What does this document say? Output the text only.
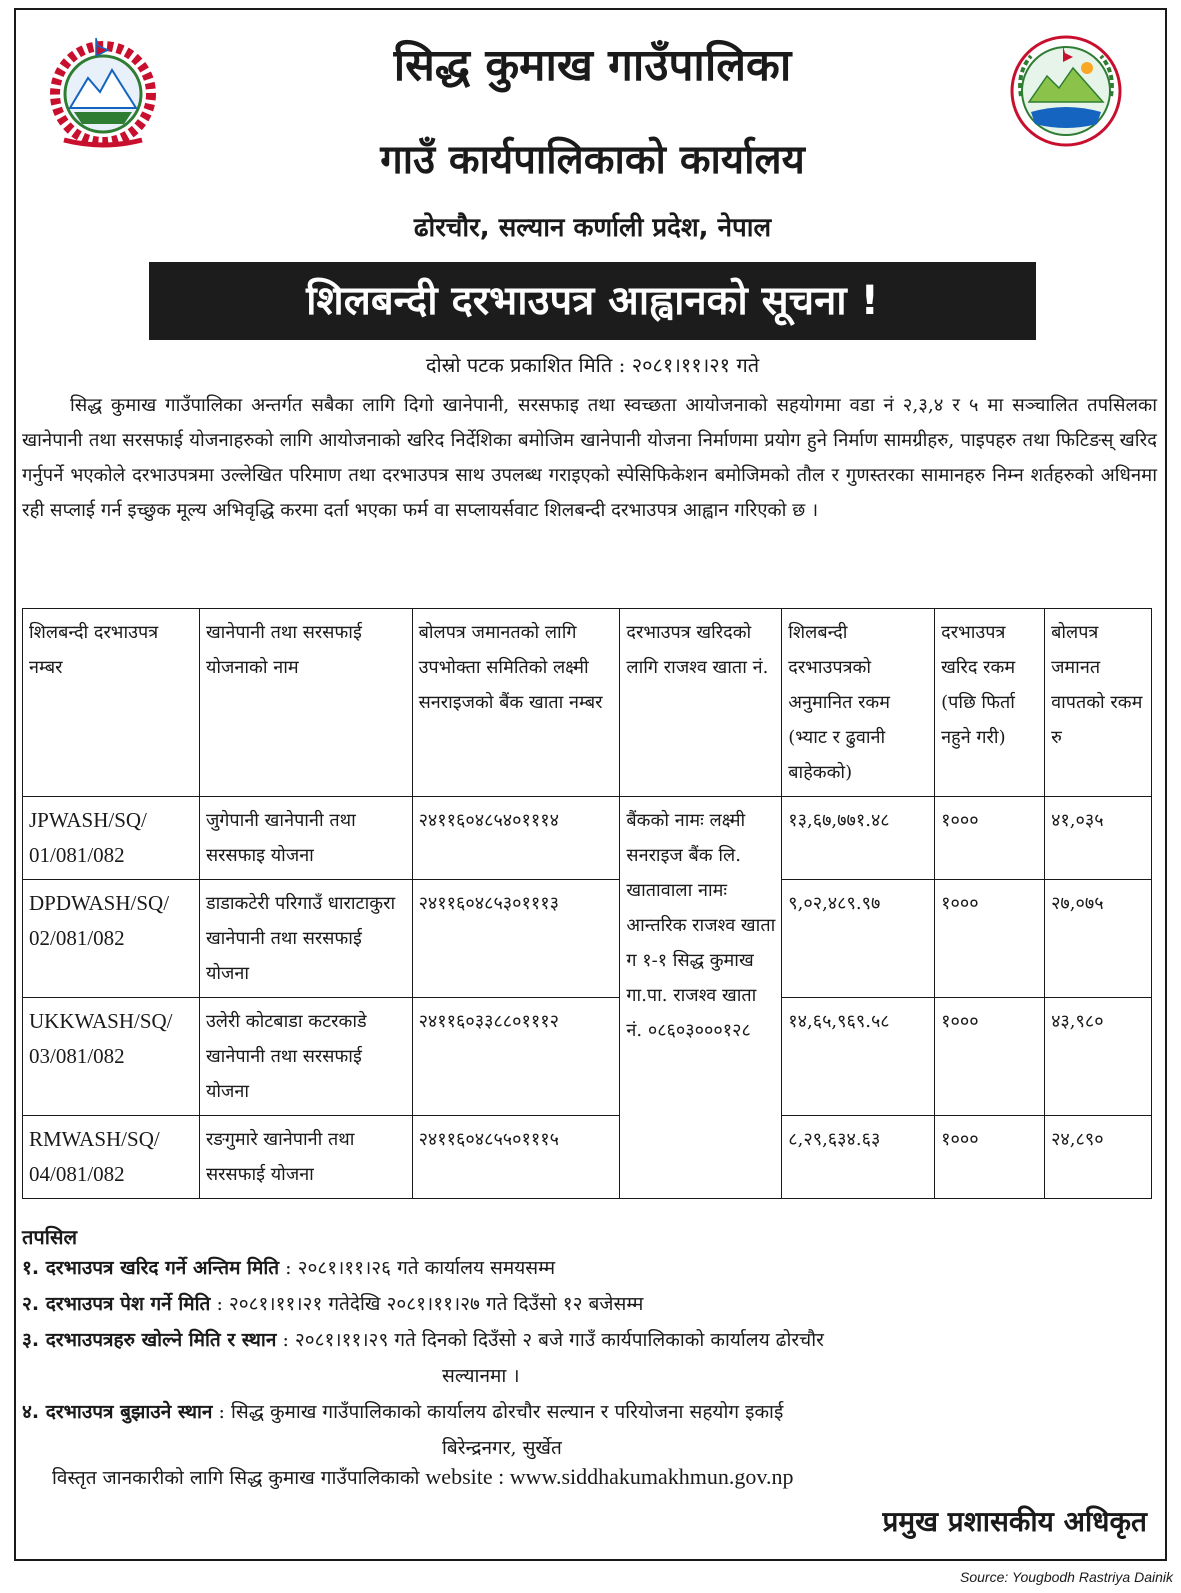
सिद्ध कुमाख गाउँपालिका
गाउँ कार्यपालिकाको कार्यालय
ढोरचौर, सल्यान कर्णाली प्रदेश, नेपाल
शिलबन्दी दरभाउपत्र आह्वानको सूचना !
दोस्रो पटक प्रकाशित मिति : २०८१।११।२१ गते

सिद्ध कुमाख गाउँपालिका अन्तर्गत सबैका लागि दिगो खानेपानी, सरसफाइ तथा स्वच्छता आयोजनाको सहयोगमा वडा नं २,३,४ र ५ मा सञ्चालित तपसिलका खानेपानी तथा सरसफाई योजनाहरुको लागि आयोजनाको खरिद निर्देशिका बमोजिम खानेपानी योजना निर्माणमा प्रयोग हुने निर्माण सामग्रीहरु, पाइपहरु तथा फिटिङस् खरिद गर्नुपर्ने भएकोले दरभाउपत्रमा उल्लेखित परिमाण तथा दरभाउपत्र साथ उपलब्ध गराइएको स्पेसिफिकेशन बमोजिमको तौल र गुणस्तरका सामानहरु निम्न शर्तहरुको अधिनमा रही सप्लाई गर्न इच्छुक मूल्य अभिवृद्धि करमा दर्ता भएका फर्म वा सप्लायर्सवाट शिलबन्दी दरभाउपत्र आह्वान गरिएको छ ।

शिलबन्दी दरभाउपत्र नम्बर	खानेपानी तथा सरसफाई योजनाको नाम	बोलपत्र जमानतको लागि उपभोक्ता समितिको लक्ष्मी सनराइजको बैंक खाता नम्बर	दरभाउपत्र खरिदको लागि राजश्व खाता नं.	शिलबन्दी दरभाउपत्रको अनुमानित रकम (भ्याट र ढुवानी बाहेकको)	दरभाउपत्र खरिद रकम (पछि फिर्ता नहुने गरी)	बोलपत्र जमानत वापतको रकम रु
JPWASH/SQ/ 01/081/082	जुगेपानी खानेपानी तथा सरसफाइ योजना	२४११६०४८५४०१११४	बैंकको नामः लक्ष्मी सनराइज बैंक लि. खातावाला नामः आन्तरिक राजश्व खाता ग १-१ सिद्ध कुमाख गा.पा. राजश्व खाता नं. ०८६०३०००१२८	१३,६७,७७१.४८	१०००	४१,०३५
DPDWASH/SQ/ 02/081/082	डाडाकटेरी परिगाउँ धाराटाकुरा खानेपानी तथा सरसफाई योजना	२४११६०४८५३०१११३		९,०२,४८९.९७	१०००	२७,०७५
UKKWASH/SQ/ 03/081/082	उलेरी कोटबाडा कटरकाडे खानेपानी तथा सरसफाई योजना	२४११६०३३८८०१११२		१४,६५,९६९.५८	१०००	४३,९८०
RMWASH/SQ/ 04/081/082	रङगुमारे खानेपानी तथा सरसफाई योजना	२४११६०४८५५०१११५		८,२९,६३४.६३	१०००	२४,८९०
तपसिल
१. दरभाउपत्र खरिद गर्ने अन्तिम मिति : २०८१।११।२६ गते कार्यालय समयसम्म
२. दरभाउपत्र पेश गर्ने मिति : २०८१।११।२१ गतेदेखि २०८१।११।२७ गते दिउँसो १२ बजेसम्म
३. दरभाउपत्रहरु खोल्ने मिति र स्थान : २०८१।११।२९ गते दिनको दिउँसो २ बजे गाउँ कार्यपालिकाको कार्यालय ढोरचौर
सल्यानमा ।
४. दरभाउपत्र बुझाउने स्थान : सिद्ध कुमाख गाउँपालिकाको कार्यालय ढोरचौर सल्यान र परियोजना सहयोग इकाई
बिरेन्द्रनगर, सुर्खेत
विस्तृत जानकारीको लागि सिद्ध कुमाख गाउँपालिकाको website : www.siddhakumakhmun.gov.np
प्रमुख प्रशासकीय अधिकृत
Source: Yougbodh Rastriya Dainik
